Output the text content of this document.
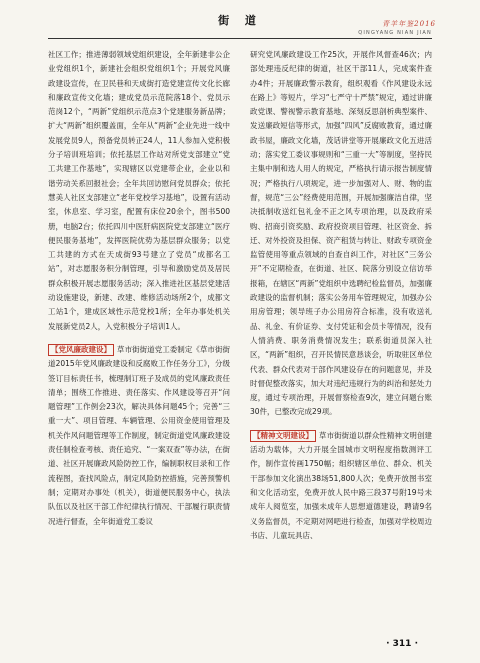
街 道	青羊年鉴2016
QINGYANG NIAN JIAN

社区工作；推进薄弱领域党组织建设，全年新建非公企业党组织1个，新建社会组织党组织1个；开展党风廉政建设宣传，在卫民巷和天成街打造党建宣传文化长廊和廉政宣传文化墙；建成党员示范院落18个、党员示范岗12个，“两新”党组织示范点3个党建服务新品牌；扩大“两新”组织覆盖面，全年从“两新”企业先进一线中发展党员9人，预备党员转正24人，11人参加入党积极分子培训班培训；依托基层工作站对所党支部建立“党工共建工作基地”，实现辖区以党建带企业，企业以和谐劳动关系回报社会；全年共回访慰问党员群众；依托慧美人社区支部建立“老年党校学习基地”，设置有活动室，休息室、学习室，配置有床位20余个，图书500册，电脑2台；依托四川中医肝病医院党支部建立“医疗便民服务基地”，发挥医院优势为基层群众服务；以党工共建的方式在天成街93号建立了党员“成都名工站”，对志愿服务积分制管理，引导和激励党员及居民群众积极开展志愿服务活动；深入推进社区基层党建活动设施建设，新建、改建、维修活动场所2个，成都文工站1个，建成区域性示范党校1所；全年办事处机关发展新党员2人，入党积极分子培训1人。

【党风廉政建设】 草市街街道党工委制定《草市街街道2015年党风廉政建设和反腐败工作任务分工》，分级签订目标责任书，梳理制订班子及成员的党风廉政责任清单；围绕工作推进、责任落实、作风建设等召开“问题管理”工作例会23次，解决具体问题45个；完善“三重一大”、项目管理、车辆管理、公用资金使用管理及机关作风问题管理等工作制度，制定街道党风廉政建设责任制检查考核、责任追究、“一案双查”等办法，在街道、社区开展廉政风险防控工作，编制职权目录和工作流程图，查找风险点，制定风险防控措施，完善预警机制；定期对办事处（机关），街道便民服务中心，执法队伍以及社区干部工作纪律执行情况、干部履行职责情况进行督查，全年街道党工委议

研究党风廉政建设工作25次，开展作风督查46次；内部处理违反纪律的街道，社区干部11人，完成案件查办4件；开展廉政警示教育，组织观看《作风建设永远在路上》等短片，学习“七严守十严禁”规定，通过讲廉政党课、警视警示教育基地、深刻反思剖析典型案件、发送廉政短信等形式，加强“四风”反腐败教育，通过廉政书屋，廉政文化墙，茂话讲堂等开展廉政文化五进活动；落实党工委议事规则和“三重一大”等制度，坚持民主集中制和选人用人的规定，严格执行请示报告制度情况；严格执行八项规定，进一步加强对人、财、物的监督，规范“三公”经费使用范围，开展加强廉洁自律，坚决抵制收送红包礼金不正之风专项治理，以及政府采购、招商引资奖励、政府投资项目管理、社区资金、拆迁、对外投资及担保、资产租赁与转让、财政专项资金监管使用等重点领域的自查自纠工作，对社区“三务公开”不定期检查，在街道、社区、院落分别设立信访举报箱，在辖区“两新”党组织中选聘纪检监督员，加强廉政建设的监督机制；落实公务用车管理规定，加强办公用房管理；领导班子办公用房符合标准，没有收送礼品、礼金、有价证券、支付凭证和会员卡等情况，没有人情消费、职务消费情况发生；联系街道员深入社区，“两新”组织，召开民情民意恳谈会，听取驻区单位代表、群众代表对于部作风建设存在的问题意见，并及时督促整改落实，加大对违纪违规行为的纠治和惩处力度，通过专项治理，开展督察检查9次，建立问题台账30件，已整改完成29项。

【精神文明建设】 草市街街道以群众性精神文明创建活动为载体，大力开展全国城市文明程度指数测评工作，制作宣传画1750幅；组织辖区单位、群众、机关干部参加文化演出38场51,800人次；免费开放图书室和文化活动室，免费开放人民中路三段37号附19号未成年人阅览室，加强未成年人思想道德建设，聘请9名义务监督员，不定期对网吧进行检查，加强对学校周边书店、儿童玩具店、

· 311 ·
